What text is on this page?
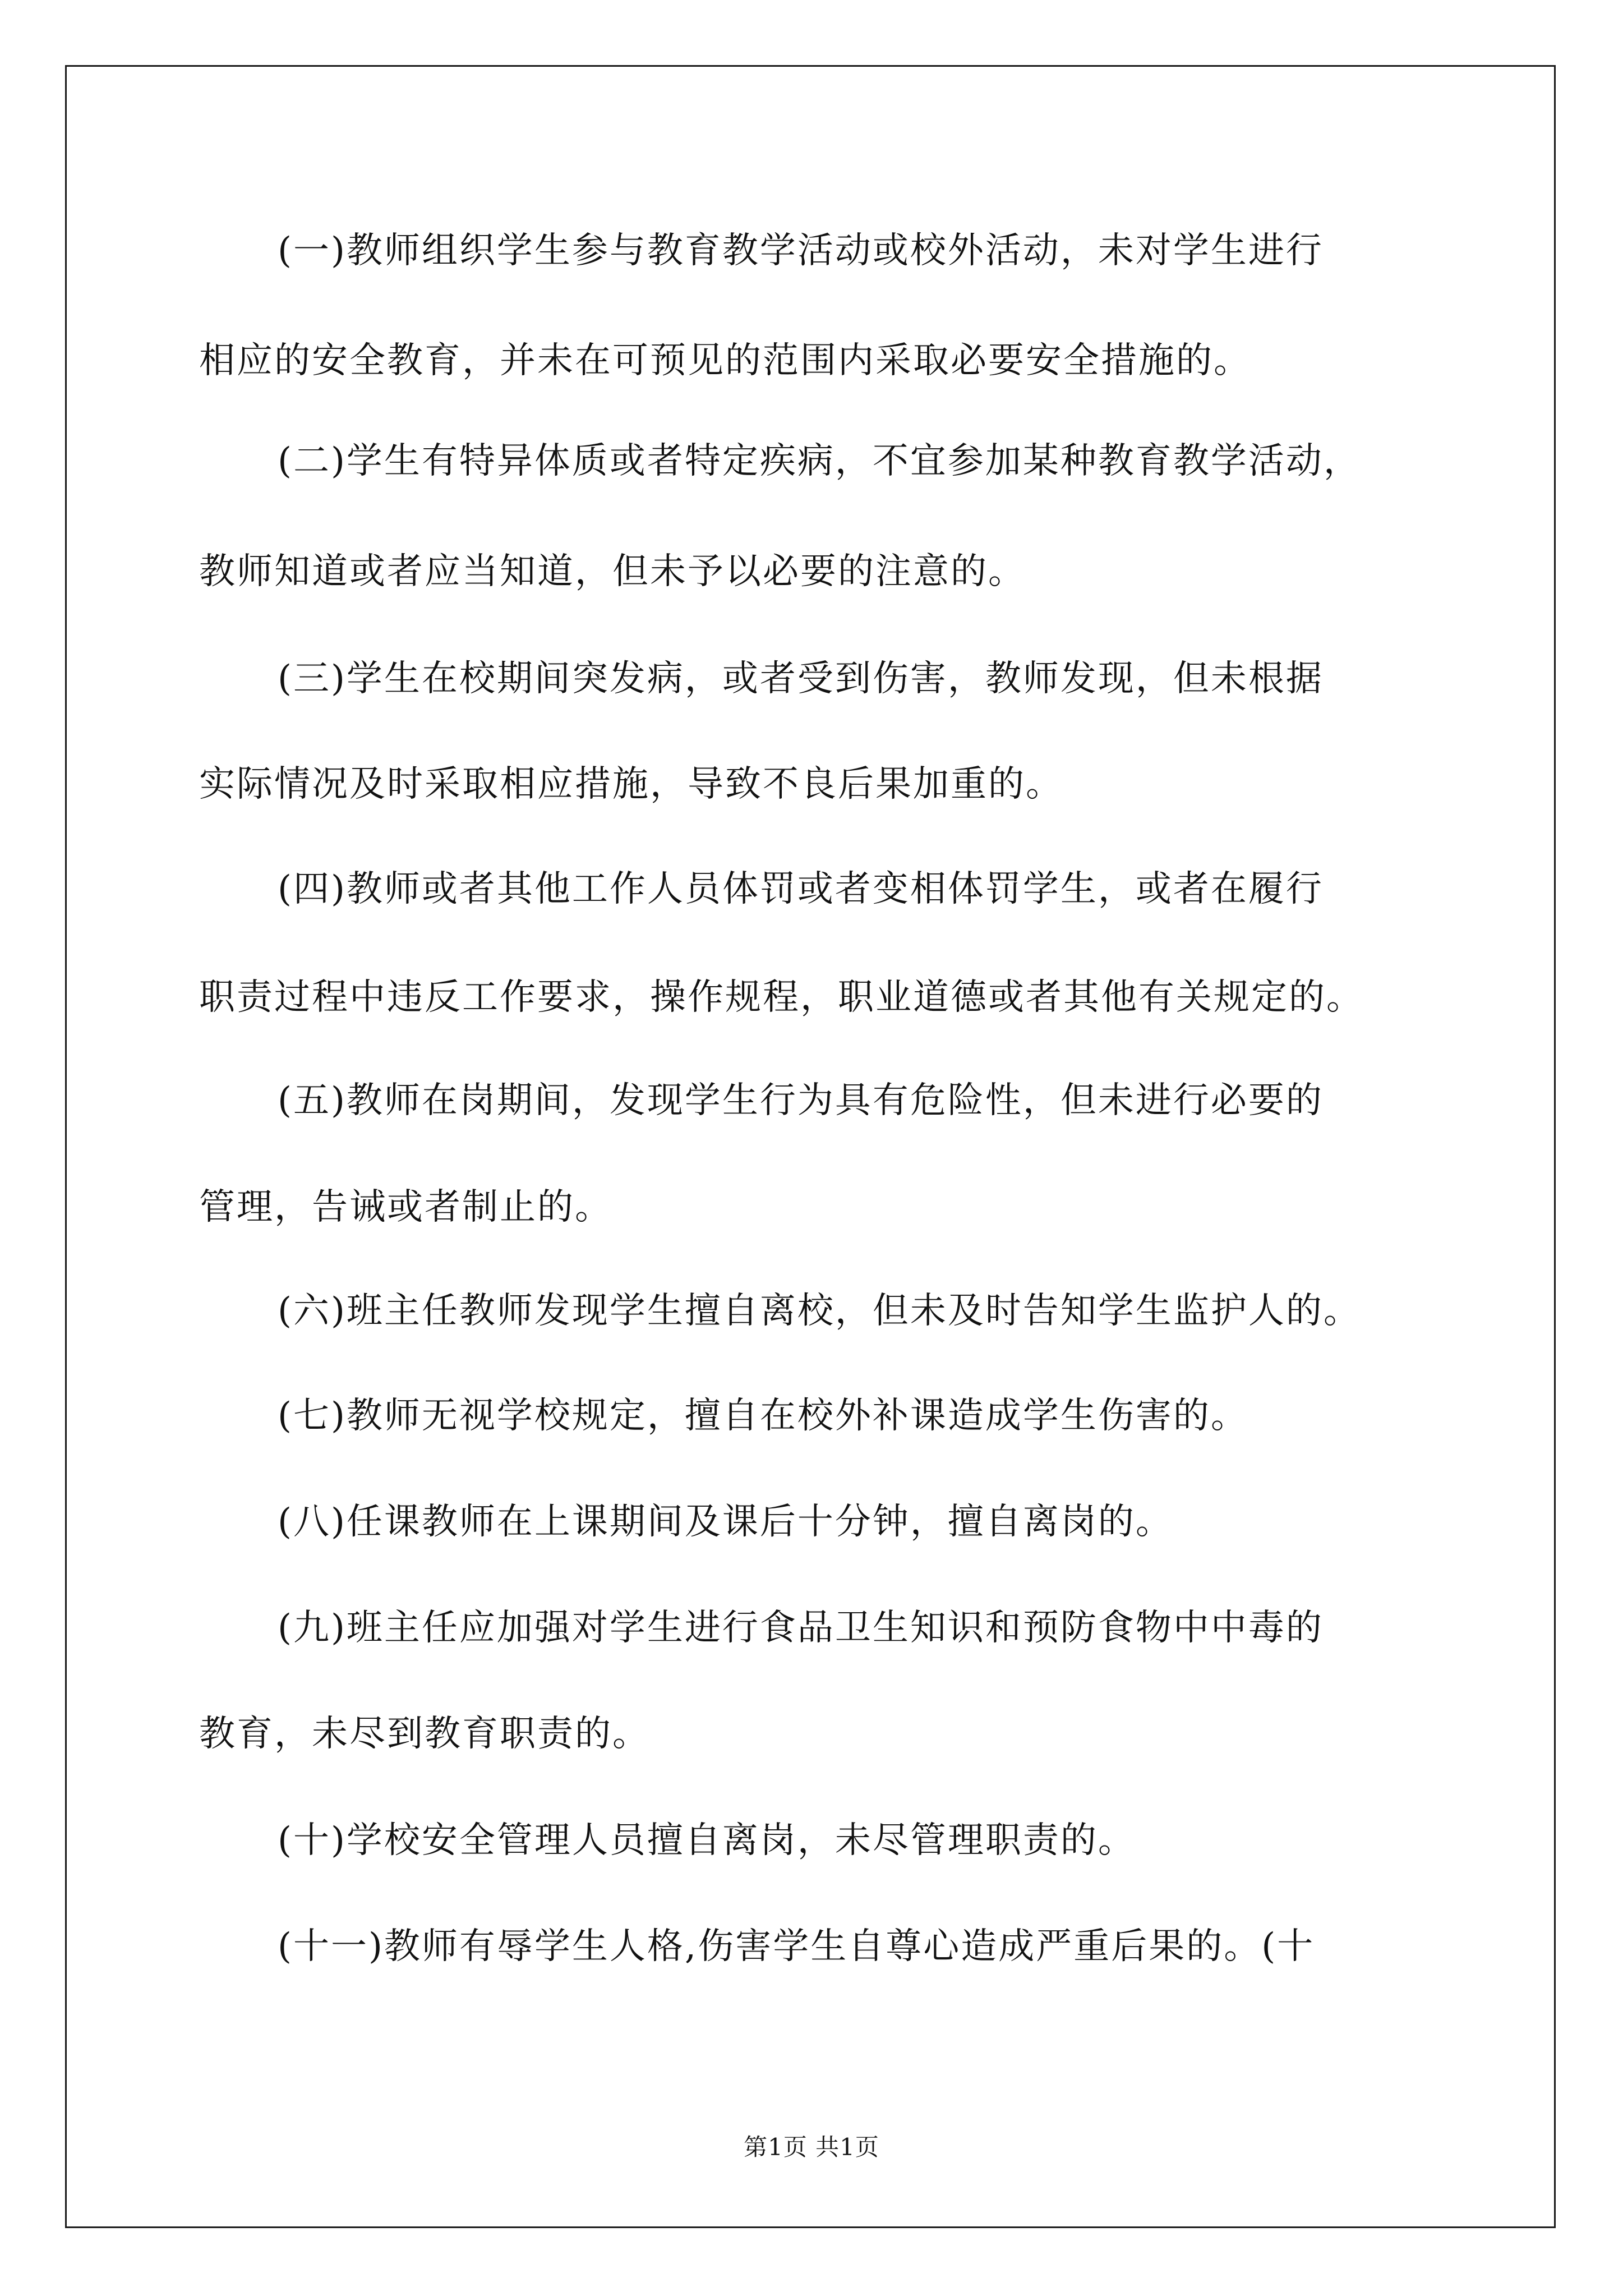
(一)教师组织学生参与教育教学活动或校外活动，未对学生进行
相应的安全教育，并未在可预见的范围内采取必要安全措施的。
(二)学生有特异体质或者特定疾病，不宜参加某种教育教学活动，
教师知道或者应当知道，但未予以必要的注意的。
(三)学生在校期间突发病，或者受到伤害，教师发现，但未根据
实际情况及时采取相应措施，导致不良后果加重的。
(四)教师或者其他工作人员体罚或者变相体罚学生，或者在履行
职责过程中违反工作要求，操作规程，职业道德或者其他有关规定的。
(五)教师在岗期间，发现学生行为具有危险性，但未进行必要的
管理，告诫或者制止的。
(六)班主任教师发现学生擅自离校，但未及时告知学生监护人的。
(七)教师无视学校规定，擅自在校外补课造成学生伤害的。
(八)任课教师在上课期间及课后十分钟，擅自离岗的。
(九)班主任应加强对学生进行食品卫生知识和预防食物中中毒的
教育，未尽到教育职责的。
(十)学校安全管理人员擅自离岗，未尽管理职责的。
(十一)教师有辱学生人格,伤害学生自尊心造成严重后果的。(十
第1页 共1页
